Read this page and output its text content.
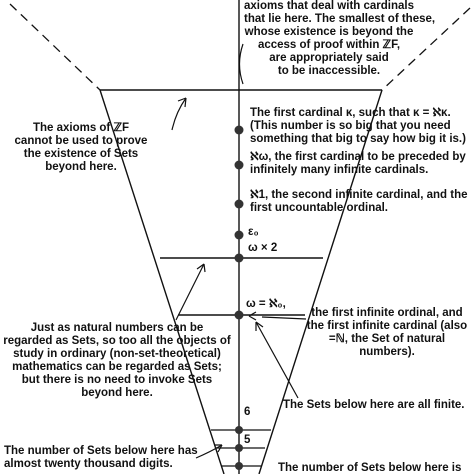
axioms that deal with cardinals
that lie here. The smallest of these,
whose existence is beyond the
access of proof within ℤF,
are appropriately said
to be inaccessible.
The axioms of ℤF
cannot be used to prove
the existence of Sets
beyond here.
Just as natural numbers can be
regarded as Sets, so too all the objects of
study in ordinary (non-set-theoretical)
mathematics can be regarded as Sets;
but there is no need to invoke Sets
beyond here.
The number of Sets below here has
almost twenty thousand digits.
The first cardinal κ, such that κ = ℵκ.
(This number is so big that you need
something that big to say how big it is.)
ℵω, the first cardinal to be preceded by
infinitely many infinite cardinals.
ℵ1, the second infinite cardinal, and the
first uncountable ordinal.
ε₀
ω × 2
ω = ℵ₀,
6
5
the first infinite ordinal, and
the first infinite cardinal (also
=ℕ, the Set of natural
numbers).
The Sets below here are all finite.
The number of Sets below here is
